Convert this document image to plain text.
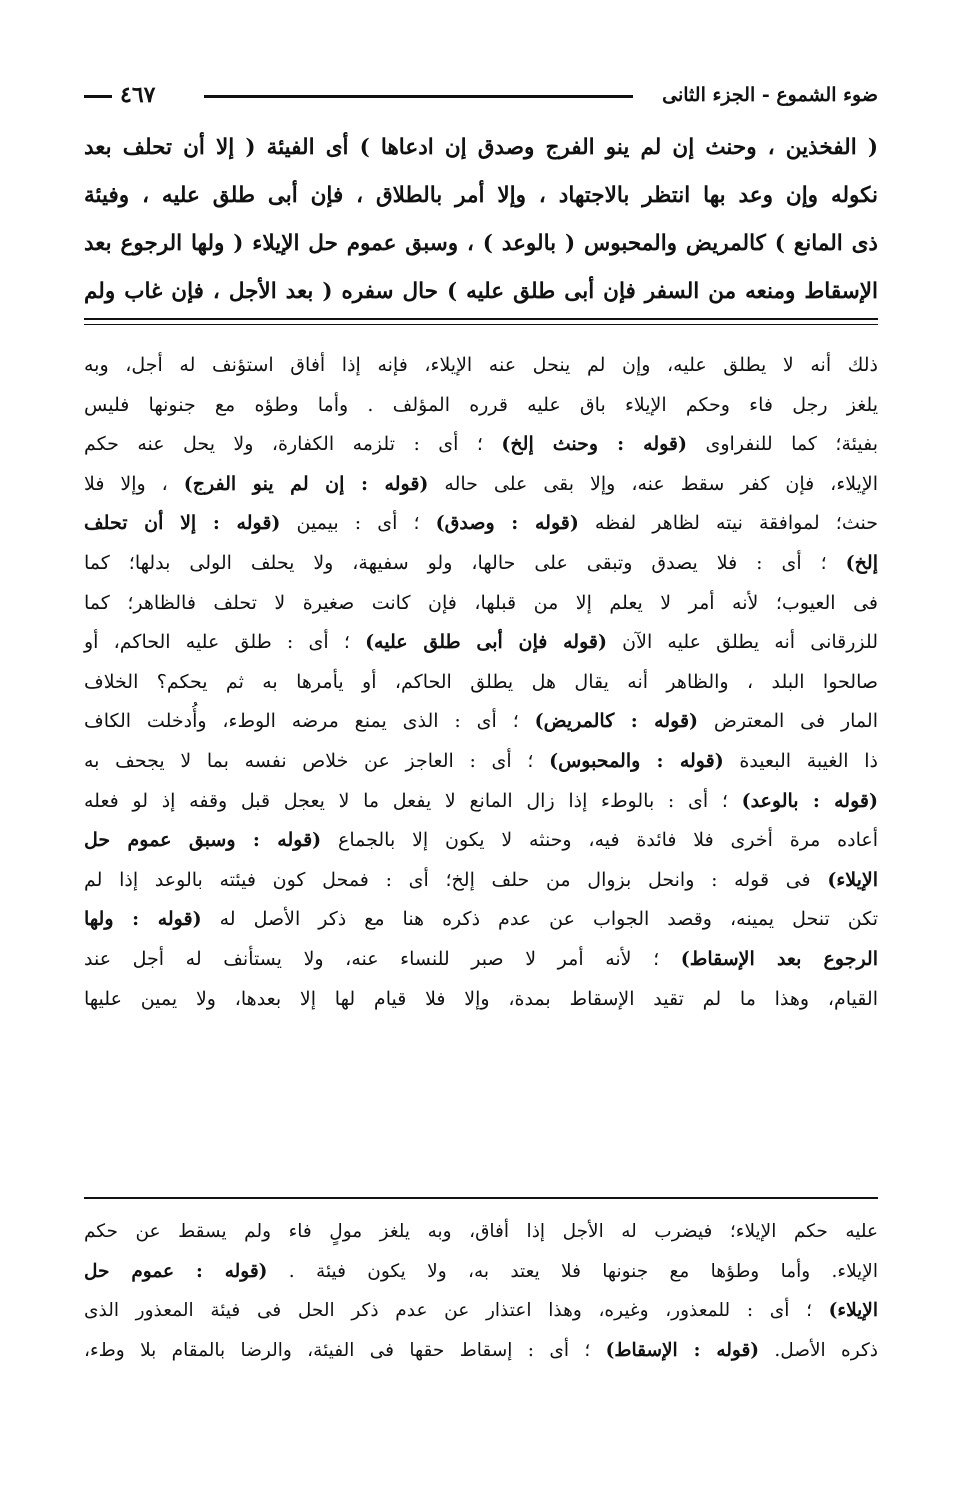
ضوء الشموع - الجزء الثانى
٤٦٧

( الفخذين ، وحنث إن لم ينو الفرج وصدق إن ادعاها ) أى الفيئة ( إلا أن تحلف بعد

نكوله وإن وعد بها انتظر بالاجتهاد ، وإلا أمر بالطلاق ، فإن أبى طلق عليه ، وفيئة

ذى المانع ) كالمريض والمحبوس ( بالوعد ) ، وسبق عموم حل الإيلاء ( ولها الرجوع بعد

الإسقاط ومنعه من السفر فإن أبى طلق عليه ) حال سفره ( بعد الأجل ، فإن غاب ولم

ذلك أنه لا يطلق عليه، وإن لم ينحل عنه الإيلاء، فإنه إذا أفاق استؤنف له أجل، وبه

يلغز رجل فاء وحكم الإيلاء باق عليه قرره المؤلف . وأما وطؤه مع جنونها فليس

بفيئة؛ كما للنفراوى (قوله : وحنث إلخ) ؛ أى : تلزمه الكفارة، ولا يحل عنه حكم

الإيلاء، فإن كفر سقط عنه، وإلا بقى على حاله (قوله : إن لم ينو الفرج) ، وإلا فلا

حنث؛ لموافقة نيته لظاهر لفظه (قوله : وصدق) ؛ أى : بيمين (قوله : إلا أن تحلف

إلخ) ؛ أى : فلا يصدق وتبقى على حالها، ولو سفيهة، ولا يحلف الولى بدلها؛ كما

فى العيوب؛ لأنه أمر لا يعلم إلا من قبلها، فإن كانت صغيرة لا تحلف فالظاهر؛ كما

للزرقانى أنه يطلق عليه الآن (قوله فإن أبى طلق عليه) ؛ أى : طلق عليه الحاكم، أو

صالحوا البلد ، والظاهر أنه يقال هل يطلق الحاكم، أو يأمرها به ثم يحكم؟ الخلاف

المار فى المعترض (قوله : كالمريض) ؛ أى : الذى يمنع مرضه الوطء، وأُدخلت الكاف

ذا الغيبة البعيدة (قوله : والمحبوس) ؛ أى : العاجز عن خلاص نفسه بما لا يجحف به

(قوله : بالوعد) ؛ أى : بالوطء إذا زال المانع لا يفعل ما لا يعجل قبل وقفه إذ لو فعله

أعاده مرة أخرى فلا فائدة فيه، وحنثه لا يكون إلا بالجماع (قوله : وسبق عموم حل

الإيلاء) فى قوله : وانحل بزوال من حلف إلخ؛ أى : فمحل كون فيئته بالوعد إذا لم

تكن تنحل يمينه، وقصد الجواب عن عدم ذكره هنا مع ذكر الأصل له (قوله : ولها

الرجوع بعد الإسقاط) ؛ لأنه أمر لا صبر للنساء عنه، ولا يستأنف له أجل عند

القيام، وهذا ما لم تقيد الإسقاط بمدة، وإلا فلا قيام لها إلا بعدها، ولا يمين عليها

عليه حكم الإيلاء؛ فيضرب له الأجل إذا أفاق، وبه يلغز مولٍ فاء ولم يسقط عن حكم

الإيلاء. وأما وطؤها مع جنونها فلا يعتد به، ولا يكون فيئة . (قوله : عموم حل

الإيلاء) ؛ أى : للمعذور، وغيره، وهذا اعتذار عن عدم ذكر الحل فى فيئة المعذور الذى

ذكره الأصل. (قوله : الإسقاط) ؛ أى : إسقاط حقها فى الفيئة، والرضا بالمقام بلا وطء،
